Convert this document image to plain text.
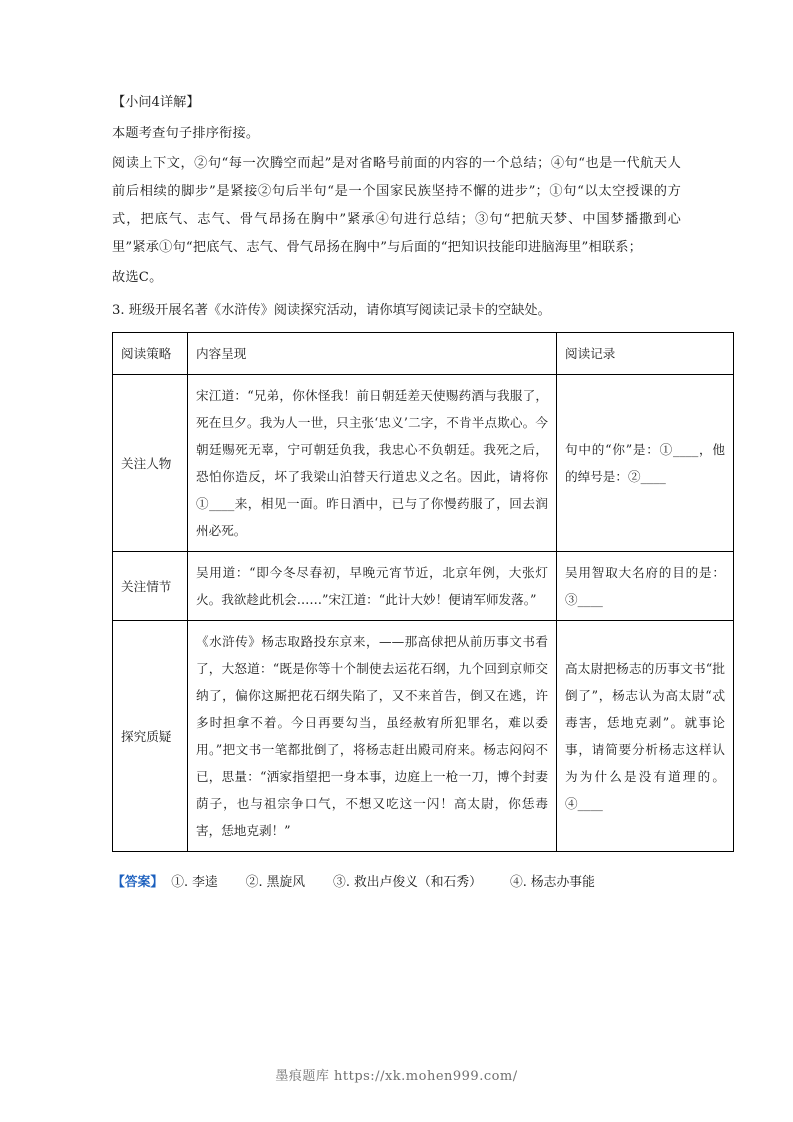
【小问4详解】

本题考查句子排序衔接。

阅读上下文，②句“每一次腾空而起”是对省略号前面的内容的一个总结；④句“也是一代航天人前后相续的脚步”是紧接②句后半句“是一个国家民族坚持不懈的进步”；①句“以太空授课的方式，把底气、志气、骨气昂扬在胸中”紧承④句进行总结；③句“把航天梦、中国梦播撒到心里”紧承①句“把底气、志气、骨气昂扬在胸中”与后面的“把知识技能印进脑海里”相联系；

故选C。

3. 班级开展名著《水浒传》阅读探究活动，请你填写阅读记录卡的空缺处。
阅读策略	内容呈现	阅读记录
关注人物	宋江道：“兄弟，你休怪我！前日朝廷差天使赐药酒与我服了，死在旦夕。我为人一世，只主张‘忠义’二字，不肯半点欺心。今朝廷赐死无辜，宁可朝廷负我，我忠心不负朝廷。我死之后，恐怕你造反，坏了我梁山泊替天行道忠义之名。因此，请将你①____来，相见一面。昨日酒中，已与了你慢药服了，回去润州必死。	句中的“你”是：①____，他的绰号是：②____
关注情节	吴用道：“即今冬尽春初，早晚元宵节近，北京年例，大张灯火。我欲趁此机会……”宋江道：“此计大妙！便请军师发落。”	吴用智取大名府的目的是：③____
探究质疑	《水浒传》杨志取路投东京来，——那高俅把从前历事文书看了，大怒道：“既是你等十个制使去运花石纲，九个回到京师交纳了，偏你这厮把花石纲失陷了，又不来首告，倒又在逃，许多时担拿不着。今日再要勾当，虽经赦宥所犯罪名，难以委用。”把文书一笔都批倒了，将杨志赶出殿司府来。杨志闷闷不已，思量：“洒家指望把一身本事，边庭上一枪一刀，博个封妻荫子，也与祖宗争口气，不想又吃这一闪！高太尉，你恁毒害，恁地克剥！”	高太尉把杨志的历事文书“批倒了”，杨志认为高太尉“忒毒害，恁地克剥”。就事论事，请简要分析杨志这样认为为什么是没有道理的。④____
【答案】 ①. 李逵 ②. 黑旋风 ③. 救出卢俊义（和石秀） ④. 杨志办事能
墨痕题库 https://xk.mohen999.com/
